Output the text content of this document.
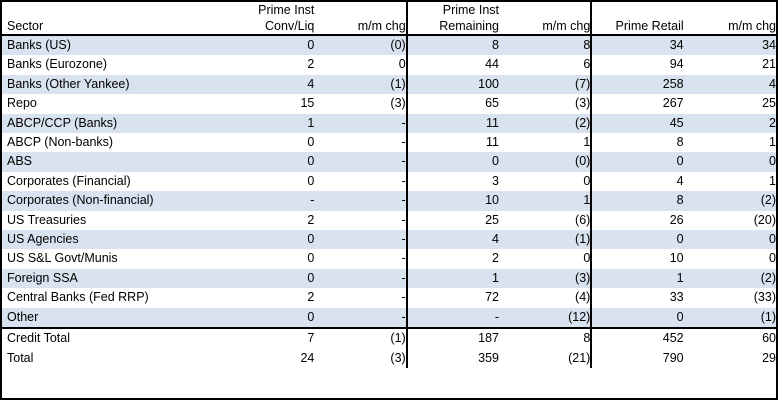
	Prime Inst		Prime Inst			
Sector	Conv/Liq	m/m chg	Remaining	m/m chg	Prime Retail	m/m chg
Banks (US)	0	(0)	8	8	34	34
Banks (Eurozone)	2	0	44	6	94	21
Banks (Other Yankee)	4	(1)	100	(7)	258	4
Repo	15	(3)	65	(3)	267	25
ABCP/CCP (Banks)	1	-	11	(2)	45	2
ABCP (Non-banks)	0	-	11	1	8	1
ABS	0	-	0	(0)	0	0
Corporates (Financial)	0	-	3	0	4	1
Corporates (Non-financial)	-	-	10	1	8	(2)
US Treasuries	2	-	25	(6)	26	(20)
US Agencies	0	-	4	(1)	0	0
US S&L Govt/Munis	0	-	2	0	10	0
Foreign SSA	0	-	1	(3)	1	(2)
Central Banks (Fed RRP)	2	-	72	(4)	33	(33)
Other	0	-	-	(12)	0	(1)
Credit Total	7	(1)	187	8	452	60
Total	24	(3)	359	(21)	790	29
